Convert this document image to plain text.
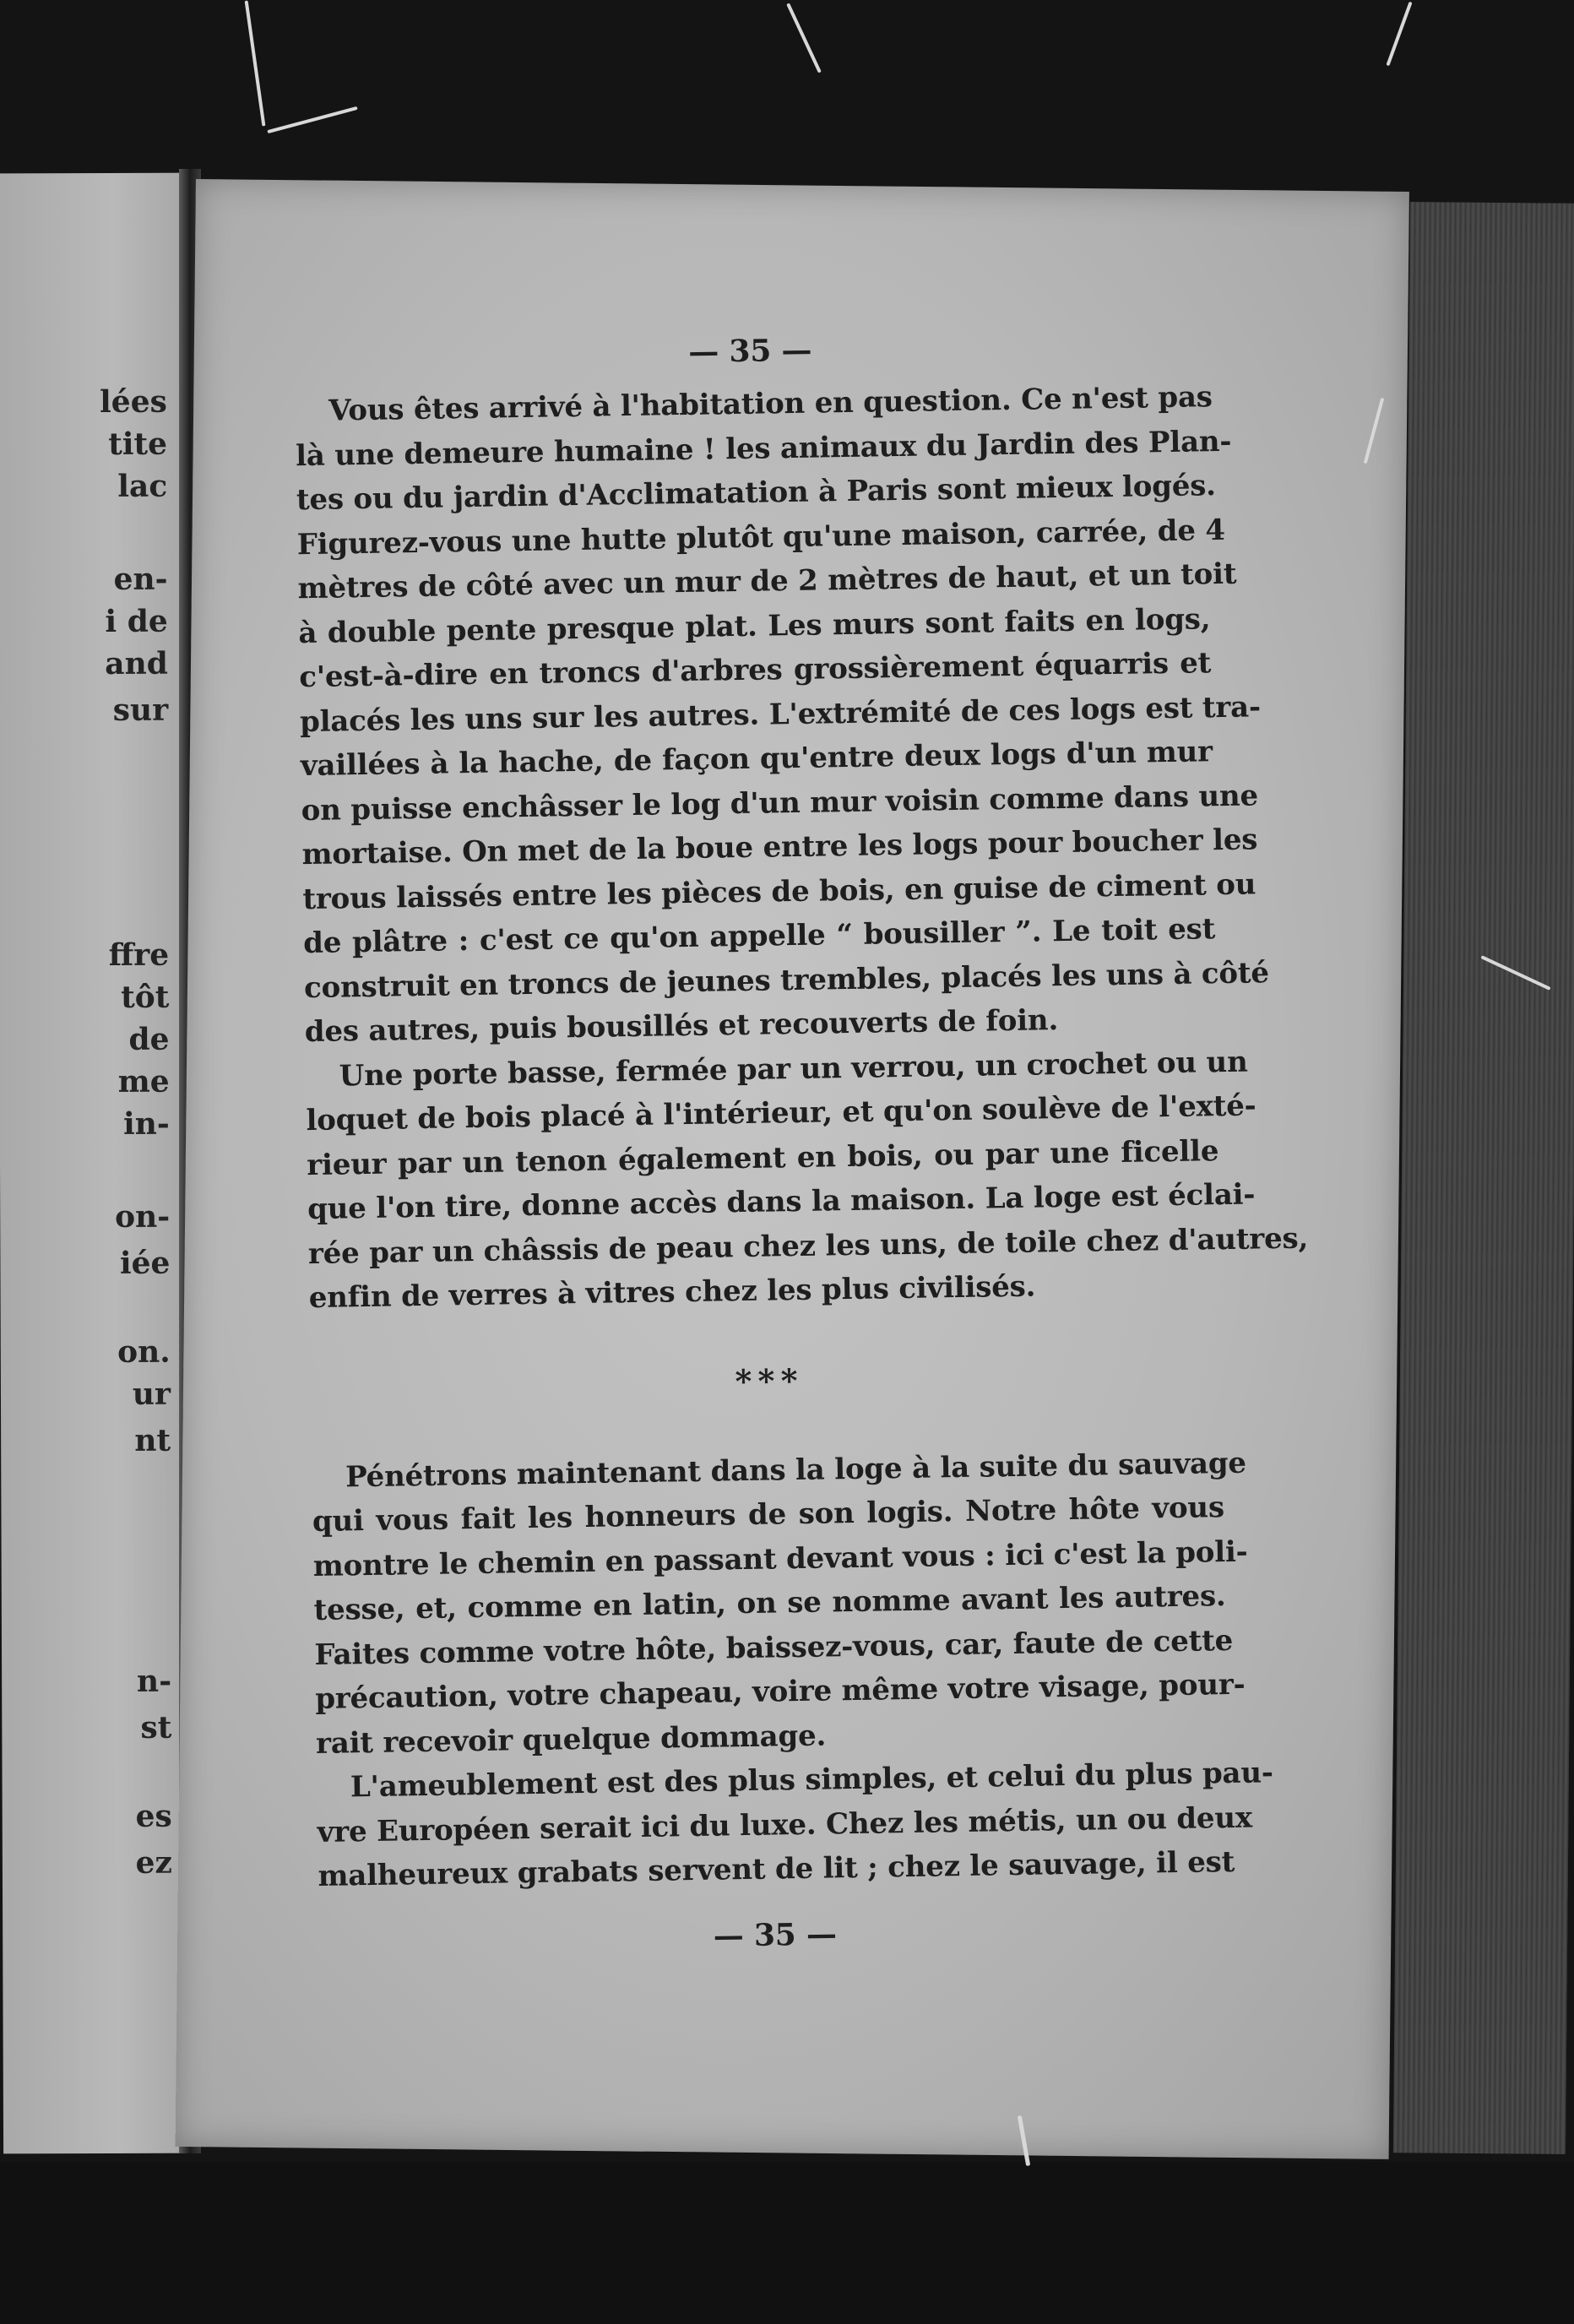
lées
tite
lac
en-
i de
and
sur
ffre
tôt
de
me
in-
on-
iée
on.
ur
nt
n-
st
es
ez
— 35 —
Vous êtes arrivé à l'habitation en question. Ce n'est pas
là une demeure humaine ! les animaux du Jardin des Plan-
tes ou du jardin d'Acclimatation à Paris sont mieux logés.
Figurez-vous une hutte plutôt qu'une maison, carrée, de 4
mètres de côté avec un mur de 2 mètres de haut, et un toit
à double pente presque plat. Les murs sont faits en logs,
c'est-à-dire en troncs d'arbres grossièrement équarris et
placés les uns sur les autres. L'extrémité de ces logs est tra-
vaillées à la hache, de façon qu'entre deux logs d'un mur
on puisse enchâsser le log d'un mur voisin comme dans une
mortaise. On met de la boue entre les logs pour boucher les
trous laissés entre les pièces de bois, en guise de ciment ou
de plâtre : c'est ce qu'on appelle “ bousiller ”. Le toit est
construit en troncs de jeunes trembles, placés les uns à côté
des autres, puis bousillés et recouverts de foin.
Une porte basse, fermée par un verrou, un crochet ou un
loquet de bois placé à l'intérieur, et qu'on soulève de l'exté-
rieur par un tenon également en bois, ou par une ficelle
que l'on tire, donne accès dans la maison. La loge est éclai-
rée par un châssis de peau chez les uns, de toile chez d'autres,
enfin de verres à vitres chez les plus civilisés.
* * *
Pénétrons maintenant dans la loge à la suite du sauvage
qui vous fait les honneurs de son logis. Notre hôte vous
montre le chemin en passant devant vous : ici c'est la poli-
tesse, et, comme en latin, on se nomme avant les autres.
Faites comme votre hôte, baissez-vous, car, faute de cette
précaution, votre chapeau, voire même votre visage, pour-
rait recevoir quelque dommage.
L'ameublement est des plus simples, et celui du plus pau-
vre Européen serait ici du luxe. Chez les métis, un ou deux
malheureux grabats servent de lit ; chez le sauvage, il est
— 35 —
